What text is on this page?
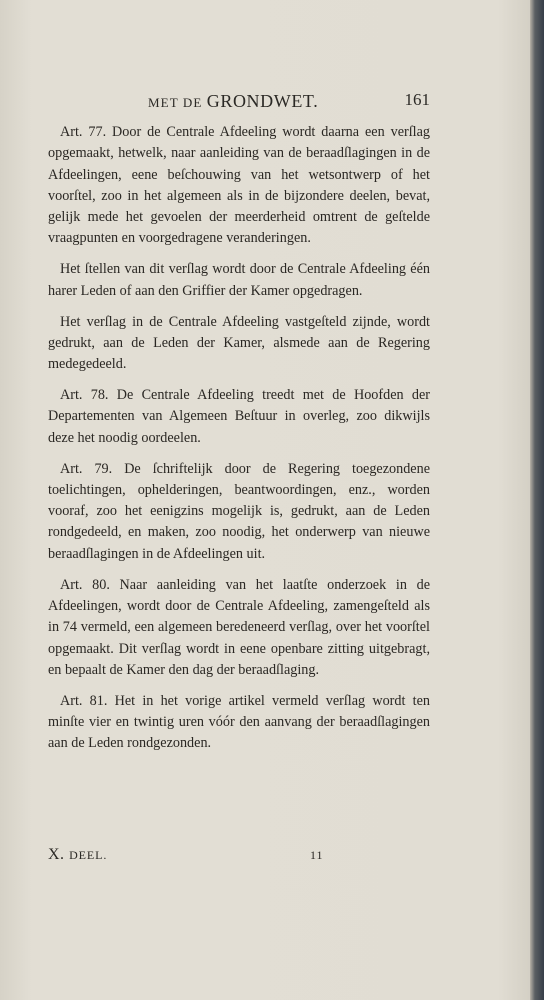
MET DE GRONDWET.	161

Art. 77. Door de Centrale Afdeeling wordt daarna een verſlag opgemaakt, hetwelk, naar aanleiding van de beraadſlagingen in de Afdeelingen, eene beſchouwing van het wetsontwerp of het voorſtel, zoo in het algemeen als in de bijzondere deelen, bevat, gelijk mede het gevoelen der meerderheid omtrent de geſtelde vraagpunten en voorgedragene veranderingen.

Het ſtellen van dit verſlag wordt door de Centrale Afdeeling één harer Leden of aan den Griffier der Kamer opgedragen.

Het verſlag in de Centrale Afdeeling vastgeſteld zijnde, wordt gedrukt, aan de Leden der Kamer, alsmede aan de Regering medegedeeld.

Art. 78. De Centrale Afdeeling treedt met de Hoofden der Departementen van Algemeen Beſtuur in overleg, zoo dikwijls deze het noodig oordeelen.

Art. 79. De ſchriftelijk door de Regering toegezondene toelichtingen, ophelderingen, beantwoordingen, enz., worden vooraf, zoo het eenigzins mogelijk is, gedrukt, aan de Leden rondgedeeld, en maken, zoo noodig, het onderwerp van nieuwe beraadſlagingen in de Afdeelingen uit.

Art. 80. Naar aanleiding van het laatſte onderzoek in de Afdeelingen, wordt door de Centrale Afdeeling, zamengeſteld als in 74 vermeld, een algemeen beredeneerd verſlag, over het voorſtel opgemaakt. Dit verſlag wordt in eene openbare zitting uitgebragt, en bepaalt de Kamer den dag der beraadſlaging.

Art. 81. Het in het vorige artikel vermeld verſlag wordt ten minſte vier en twintig uren vóór den aanvang der beraadſlagingen aan de Leden rondgezonden.

X. DEEL.	11
